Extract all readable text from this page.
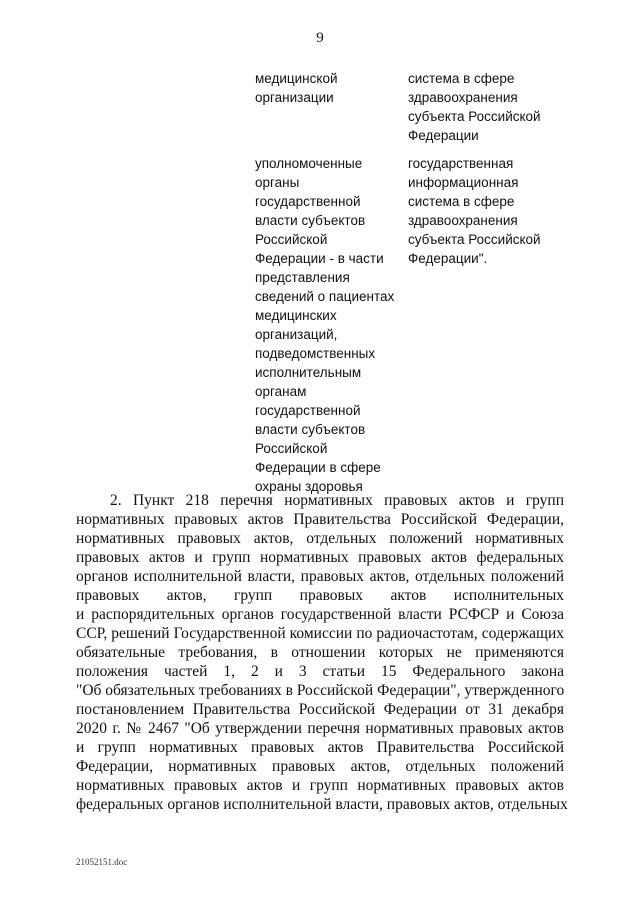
9
медицинской
организации
уполномоченные
органы
государственной
власти субъектов
Российской
Федерации - в части
представления
сведений о пациентах
медицинских
организаций,
подведомственных
исполнительным
органам
государственной
власти субъектов
Российской
Федерации в сфере
охраны здоровья
система в сфере
здравоохранения
субъекта Российской
Федерации
государственная
информационная
система в сфере
здравоохранения
субъекта Российской
Федерации".
2. Пункт 218 перечня нормативных правовых актов и групп
нормативных правовых актов Правительства Российской Федерации,
нормативных правовых актов, отдельных положений нормативных
правовых актов и групп нормативных правовых актов федеральных
органов исполнительной власти, правовых актов, отдельных положений
правовых актов, групп правовых актов исполнительных
и распорядительных органов государственной власти РСФСР и Союза
ССР, решений Государственной комиссии по радиочастотам, содержащих
обязательные требования, в отношении которых не применяются
положения частей 1, 2 и 3 статьи 15 Федерального закона
"Об обязательных требованиях в Российской Федерации", утвержденного
постановлением Правительства Российской Федерации от 31 декабря
2020 г. № 2467 "Об утверждении перечня нормативных правовых актов
и групп нормативных правовых актов Правительства Российской
Федерации, нормативных правовых актов, отдельных положений
нормативных правовых актов и групп нормативных правовых актов
федеральных органов исполнительной власти, правовых актов, отдельных
21052151.doc
